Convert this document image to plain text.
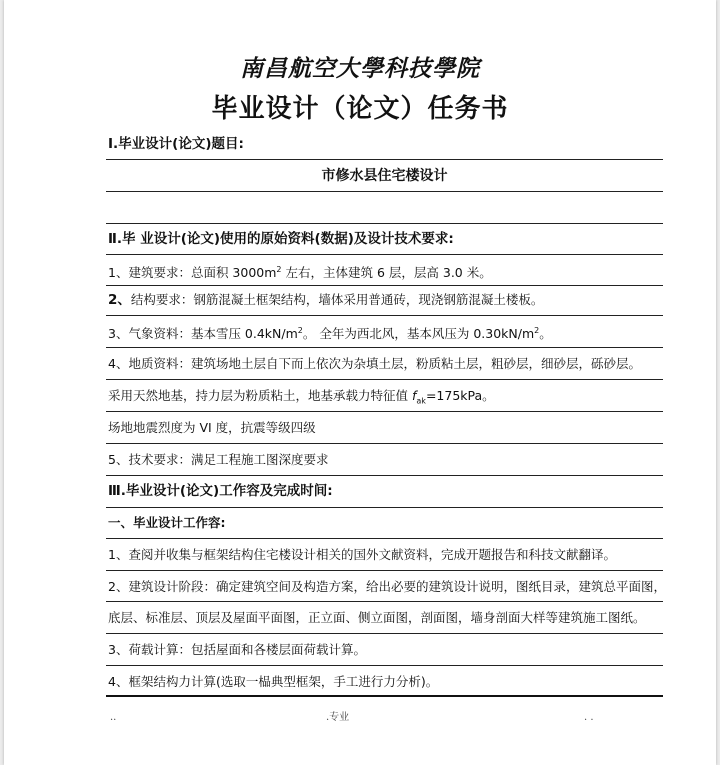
南昌航空大學科技學院
毕业设计（论文）任务书
Ⅰ.毕业设计(论文)题目:
市修水县住宅楼设计
Ⅱ.毕 业设计(论文)使用的原始资料(数据)及设计技术要求:
1、建筑要求：总面积 $3000m^2$ 左右，主体建筑 6 层，层高 3.0 米。
2、结构要求：钢筋混凝土框架结构，墙体采用普通砖，现浇钢筋混凝土楼板。
3、气象资料：基本雪压 $0.4kN/m^2$。 全年为西北风，基本风压为 $0.30kN/m^2$。
4、地质资料：建筑场地土层自下而上依次为杂填土层，粉质粘土层，粗砂层，细砂层，砾砂层。
采用天然地基，持力层为粉质粘土，地基承载力特征值 $f_{ak}=175kPa$。
场地地震烈度为 VI 度，抗震等级四级
5、技术要求：满足工程施工图深度要求
Ⅲ.毕业设计(论文)工作容及完成时间:
一、毕业设计工作容:
1、查阅并收集与框架结构住宅楼设计相关的国外文献资料，完成开题报告和科技文献翻译。
2、建筑设计阶段：确定建筑空间及构造方案，给出必要的建筑设计说明，图纸目录，建筑总平面图，
底层、标准层、顶层及屋面平面图，正立面、侧立面图，剖面图，墙身剖面大样等建筑施工图纸。
3、荷载计算：包括屋面和各楼层面荷载计算。
4、框架结构力计算(选取一榀典型框架，手工进行力分析)。
..	.专业	. .
